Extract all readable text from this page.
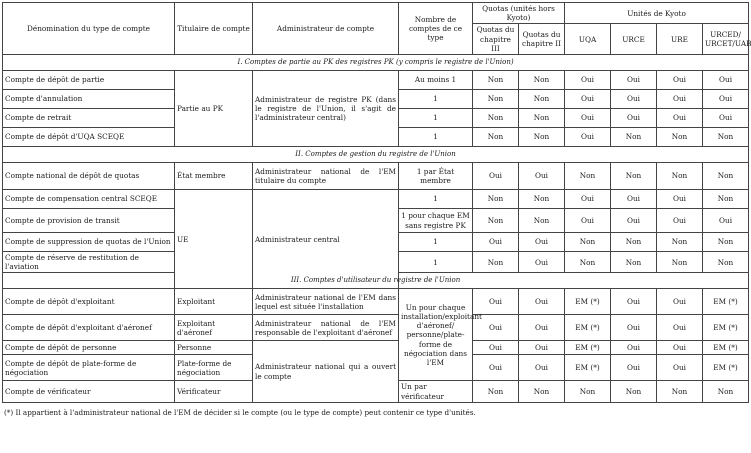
Dénomination du type de compte	Titulaire de compte	Administrateur de compte	Nombre de comptes de ce type	Quotas (unités hors Kyoto)		Unités de Kyoto			
				Quotas du chapitre III	Quotas du chapitre II	UQA	URCE	URE	URCED/ URCET/UAB
I. Comptes de partie au PK des registres PK (y compris le registre de l'Union)									
Compte de dépôt de partie	Partie au PK	Administrateur de registre PK (dans le registre de l'Union, il s'agit de l'administrateur central)	Au moins 1	Non	Non	Oui	Oui	Oui	Oui
Compte d'annulation			1	Non	Non	Oui	Oui	Oui	Oui
Compte de retrait			1	Non	Non	Oui	Oui	Oui	Oui
Compte de dépôt d'UQA SCEQE			1	Non	Non	Oui	Non	Non	Non
II. Comptes de gestion du registre de l'Union									
Compte national de dépôt de quotas	État membre	Administrateur national de l'EM titulaire du compte	1 par État membre	Oui	Oui	Non	Non	Non	Non
Compte de compensation central SCEQE	UE	Administrateur central	1	Non	Non	Oui	Oui	Oui	Non
Compte de provision de transit			1 pour chaque EM sans registre PK	Non	Non	Oui	Oui	Oui	Oui
Compte de suppression de quotas de l'Union			1	Oui	Oui	Non	Non	Non	Non
Compte de réserve de restitution de l'aviation			1	Non	Oui	Non	Non	Non	Non
III. Comptes d'utilisateur du registre de l'Union									
Compte de dépôt d'exploitant	Exploitant	Administrateur national de l'EM dans lequel est située l'installation	Un pour chaque installation/exploitant d'aéronef/ personne/plate-forme de négociation dans l'EM	Oui	Oui	EM (*)	Oui	Oui	EM (*)
Compte de dépôt d'exploitant d'aéronef	Exploitant d'aéronef	Administrateur national de l'EM responsable de l'exploitant d'aéronef		Oui	Oui	EM (*)	Oui	Oui	EM (*)
Compte de dépôt de personne	Personne	Administrateur national qui a ouvert le compte		Oui	Oui	EM (*)	Oui	Oui	EM (*)
Compte de dépôt de plate-forme de négociation	Plate-forme de négociation			Oui	Oui	EM (*)	Oui	Oui	EM (*)
Compte de vérificateur	Vérificateur		Un par vérificateur	Non	Non	Non	Non	Non	Non
(*) Il appartient à l'administrateur national de l'EM de décider si le compte (ou le type de compte) peut contenir ce type d'unités.
